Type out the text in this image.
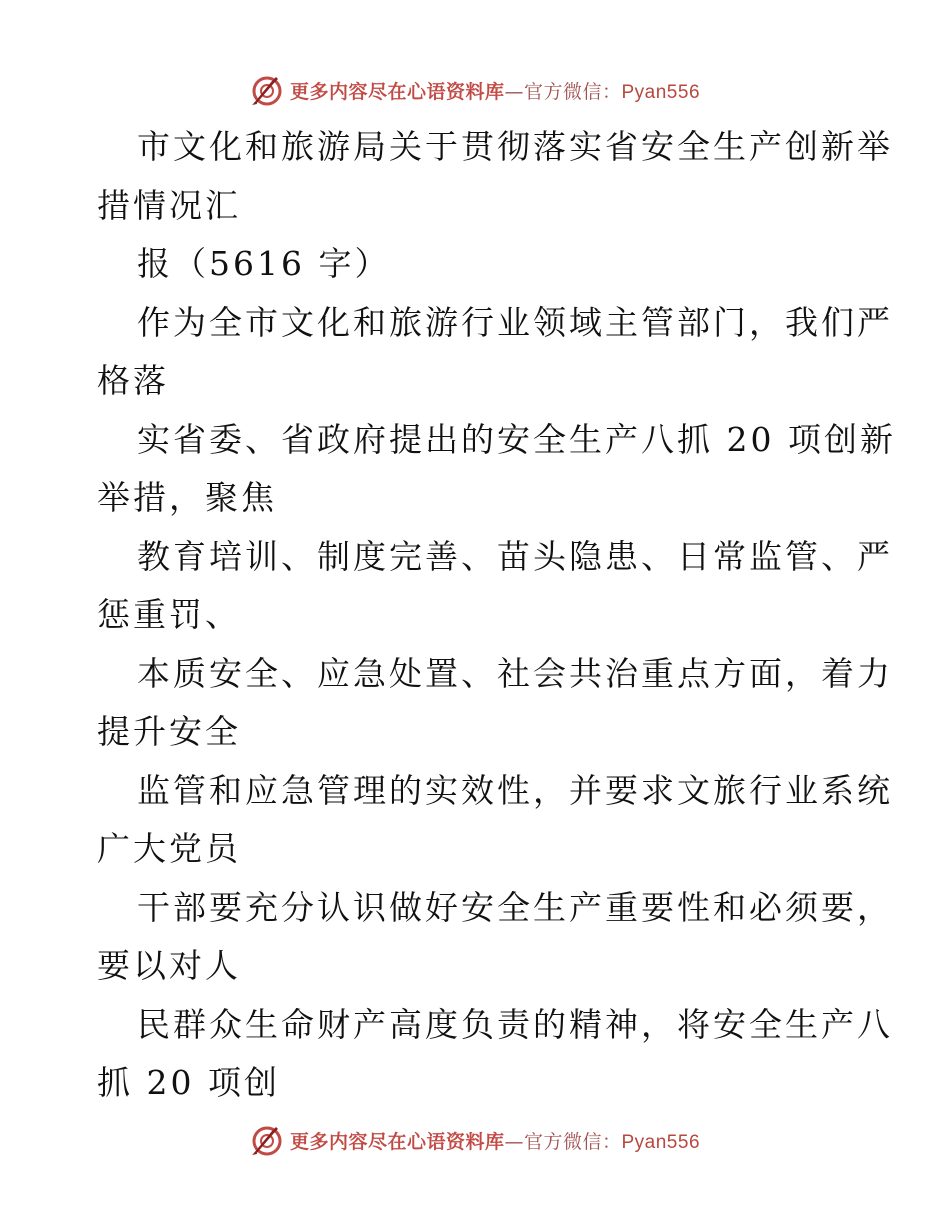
更多内容尽在心语资料库—官方微信：Pyan556
市文化和旅游局关于贯彻落实省安全生产创新举
措情况汇
报（5616 字）
作为全市文化和旅游行业领域主管部门，我们严
格落
实省委、省政府提出的安全生产八抓 20 项创新
举措，聚焦
教育培训、制度完善、苗头隐患、日常监管、严
惩重罚、
本质安全、应急处置、社会共治重点方面，着力
提升安全
监管和应急管理的实效性，并要求文旅行业系统
广大党员
干部要充分认识做好安全生产重要性和必须要，
要以对人
民群众生命财产高度负责的精神，将安全生产八
抓 20 项创
更多内容尽在心语资料库—官方微信：Pyan556
